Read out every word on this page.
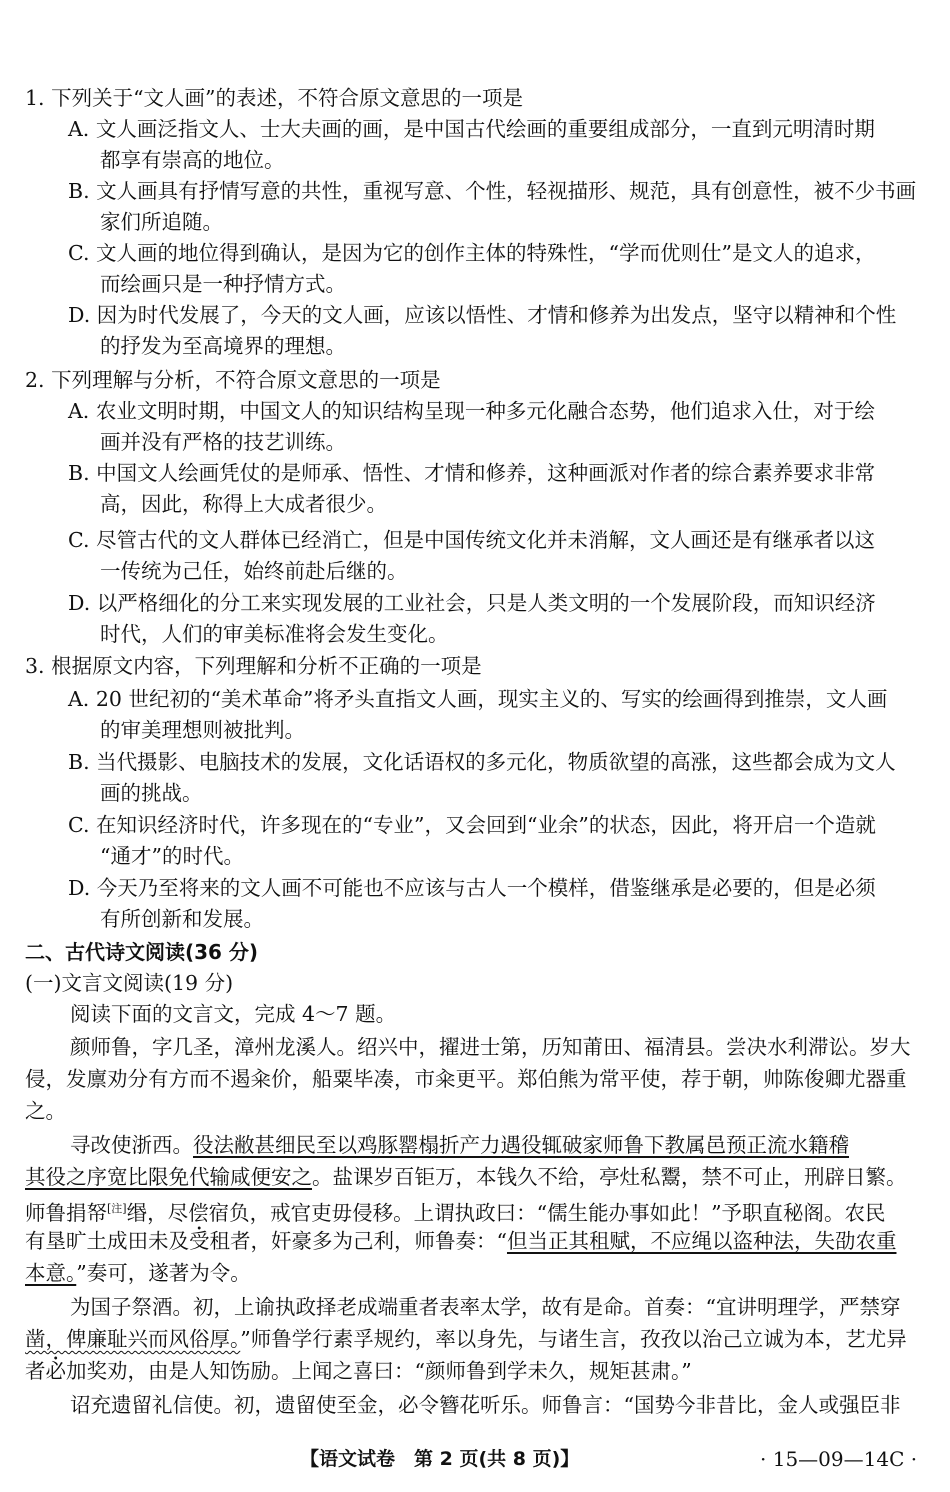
1. 下列关于“文人画”的表述，不符合原文意思的一项是
A. 文人画泛指文人、士大夫画的画，是中国古代绘画的重要组成部分，一直到元明清时期
都享有崇高的地位。
B. 文人画具有抒情写意的共性，重视写意、个性，轻视描形、规范，具有创意性，被不少书画
家们所追随。
C. 文人画的地位得到确认，是因为它的创作主体的特殊性，“学而优则仕”是文人的追求，
而绘画只是一种抒情方式。
D. 因为时代发展了，今天的文人画，应该以悟性、才情和修养为出发点，坚守以精神和个性
的抒发为至高境界的理想。
2. 下列理解与分析，不符合原文意思的一项是
A. 农业文明时期，中国文人的知识结构呈现一种多元化融合态势，他们追求入仕，对于绘
画并没有严格的技艺训练。
B. 中国文人绘画凭仗的是师承、悟性、才情和修养，这种画派对作者的综合素养要求非常
高，因此，称得上大成者很少。
C. 尽管古代的文人群体已经消亡，但是中国传统文化并未消解，文人画还是有继承者以这
一传统为己任，始终前赴后继的。
D. 以严格细化的分工来实现发展的工业社会，只是人类文明的一个发展阶段，而知识经济
时代，人们的审美标准将会发生变化。
3. 根据原文内容，下列理解和分析不正确的一项是
A. 20 世纪初的“美术革命”将矛头直指文人画，现实主义的、写实的绘画得到推崇，文人画
的审美理想则被批判。
B. 当代摄影、电脑技术的发展，文化话语权的多元化，物质欲望的高涨，这些都会成为文人
画的挑战。
C. 在知识经济时代，许多现在的“专业”，又会回到“业余”的状态，因此，将开启一个造就
“通才”的时代。
D. 今天乃至将来的文人画不可能也不应该与古人一个模样，借鉴继承是必要的，但是必须
有所创新和发展。
二、古代诗文阅读(36 分)
(一)文言文阅读(19 分)
阅读下面的文言文，完成 4～7 题。
颜师鲁，字几圣，漳州龙溪人。绍兴中，擢进士第，历知莆田、福清县。尝决水利滞讼。岁大
侵，发廪劝分有方而不遏籴价，船粟毕凑，市籴更平。郑伯熊为常平使，荐于朝，帅陈俊卿尤器重
之。
寻改使浙西。役法敝甚细民至以鸡豚罂榻折产力遇役辄破家师鲁下教属邑预正流水籍稽
其役之序宽比限免代输咸便安之。盐课岁百钜万，本钱久不给，亭灶私鬻，禁不可止，刑辟日繁。
师鲁捐帑[注]缗，尽偿宿负，戒官吏毋侵移。上谓执政曰：“儒生能办事如此！”予职直秘阁。农民
有垦旷土成田未及受租者，奸豪多为己利，师鲁奏：“但当正其租赋，不应绳以盗种法，失劭农重
本意。”奏可，遂著为令。
为国子祭酒。初，上谕执政择老成端重者表率太学，故有是命。首奏：“宜讲明理学，严禁穿
凿，俾廉耻兴而风俗厚。”师鲁学行素孚规约，率以身先，与诸生言，孜孜以治己立诚为本，艺尤异
者必加奖劝，由是人知饬励。上闻之喜曰：“颜师鲁到学未久，规矩甚肃。”
诏充遗留礼信使。初，遗留使至金，必令簪花听乐。师鲁言：“国势今非昔比，金人或强臣非
【语文试卷　第 2 页(共 8 页)】	· 15—09—14C ·
